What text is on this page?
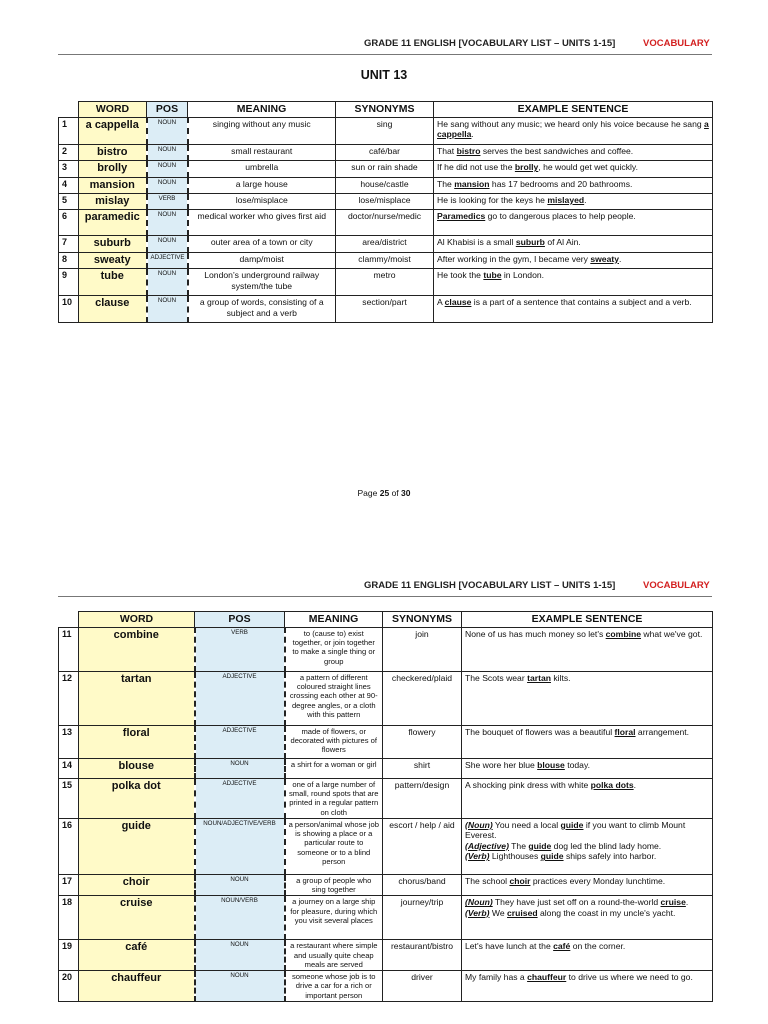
GRADE 11 ENGLISH [VOCABULARY LIST – UNITS 1-15]	VOCABULARY
UNIT 13
	WORD	POS	MEANING	SYNONYMS	EXAMPLE SENTENCE
1	a cappella	NOUN	singing without any music	sing	He sang without any music; we heard only his voice because he sang a cappella.
2	bistro	NOUN	small restaurant	café/bar	That bistro serves the best sandwiches and coffee.
3	brolly	NOUN	umbrella	sun or rain shade	If he did not use the brolly, he would get wet quickly.
4	mansion	NOUN	a large house	house/castle	The mansion has 17 bedrooms and 20 bathrooms.
5	mislay	VERB	lose/misplace	lose/misplace	He is looking for the keys he mislayed.
6	paramedic	NOUN	medical worker who gives first aid	doctor/nurse/medic	Paramedics go to dangerous places to help people.
7	suburb	NOUN	outer area of a town or city	area/district	Al Khabisi is a small suburb of Al Ain.
8	sweaty	ADJECTIVE	damp/moist	clammy/moist	After working in the gym, I became very sweaty.
9	tube	NOUN	London’s underground railway system/the tube	metro	He took the tube in London.
10	clause	NOUN	a group of words, consisting of a subject and a verb	section/part	A clause is a part of a sentence that contains a subject and a verb.
Page 25 of 30
GRADE 11 ENGLISH [VOCABULARY LIST – UNITS 1-15]	VOCABULARY
	WORD	POS	MEANING	SYNONYMS	EXAMPLE SENTENCE
11	combine	VERB	to (cause to) exist together, or join together to make a single thing or group	join	None of us has much money so let's combine what we've got.
12	tartan	ADJECTIVE	a pattern of different coloured straight lines crossing each other at 90-degree angles, or a cloth with this pattern	checkered/plaid	The Scots wear tartan kilts.
13	floral	ADJECTIVE	made of flowers, or decorated with pictures of flowers	flowery	The bouquet of flowers was a beautiful floral arrangement.
14	blouse	NOUN	a shirt for a woman or girl	shirt	She wore her blue blouse today.
15	polka dot	ADJECTIVE	one of a large number of small, round spots that are printed in a regular pattern on cloth	pattern/design	A shocking pink dress with white polka dots.
16	guide	NOUN/ADJECTIVE/VERB	a person/animal whose job is showing a place or a particular route to someone or to a blind person	escort / help / aid	(Noun) You need a local guide if you want to climb Mount Everest.
(Adjective) The guide dog led the blind lady home.
(Verb) Lighthouses guide ships safely into harbor.
17	choir	NOUN	a group of people who sing together	chorus/band	The school choir practices every Monday lunchtime.
18	cruise	NOUN/VERB	a journey on a large ship for pleasure, during which you visit several places	journey/trip	(Noun) They have just set off on a round-the-world cruise.
(Verb) We cruised along the coast in my uncle's yacht.
19	café	NOUN	a restaurant where simple and usually quite cheap meals are served	restaurant/bistro	Let's have lunch at the café on the corner.
20	chauffeur	NOUN	someone whose job is to drive a car for a rich or important person	driver	My family has a chauffeur to drive us where we need to go.
